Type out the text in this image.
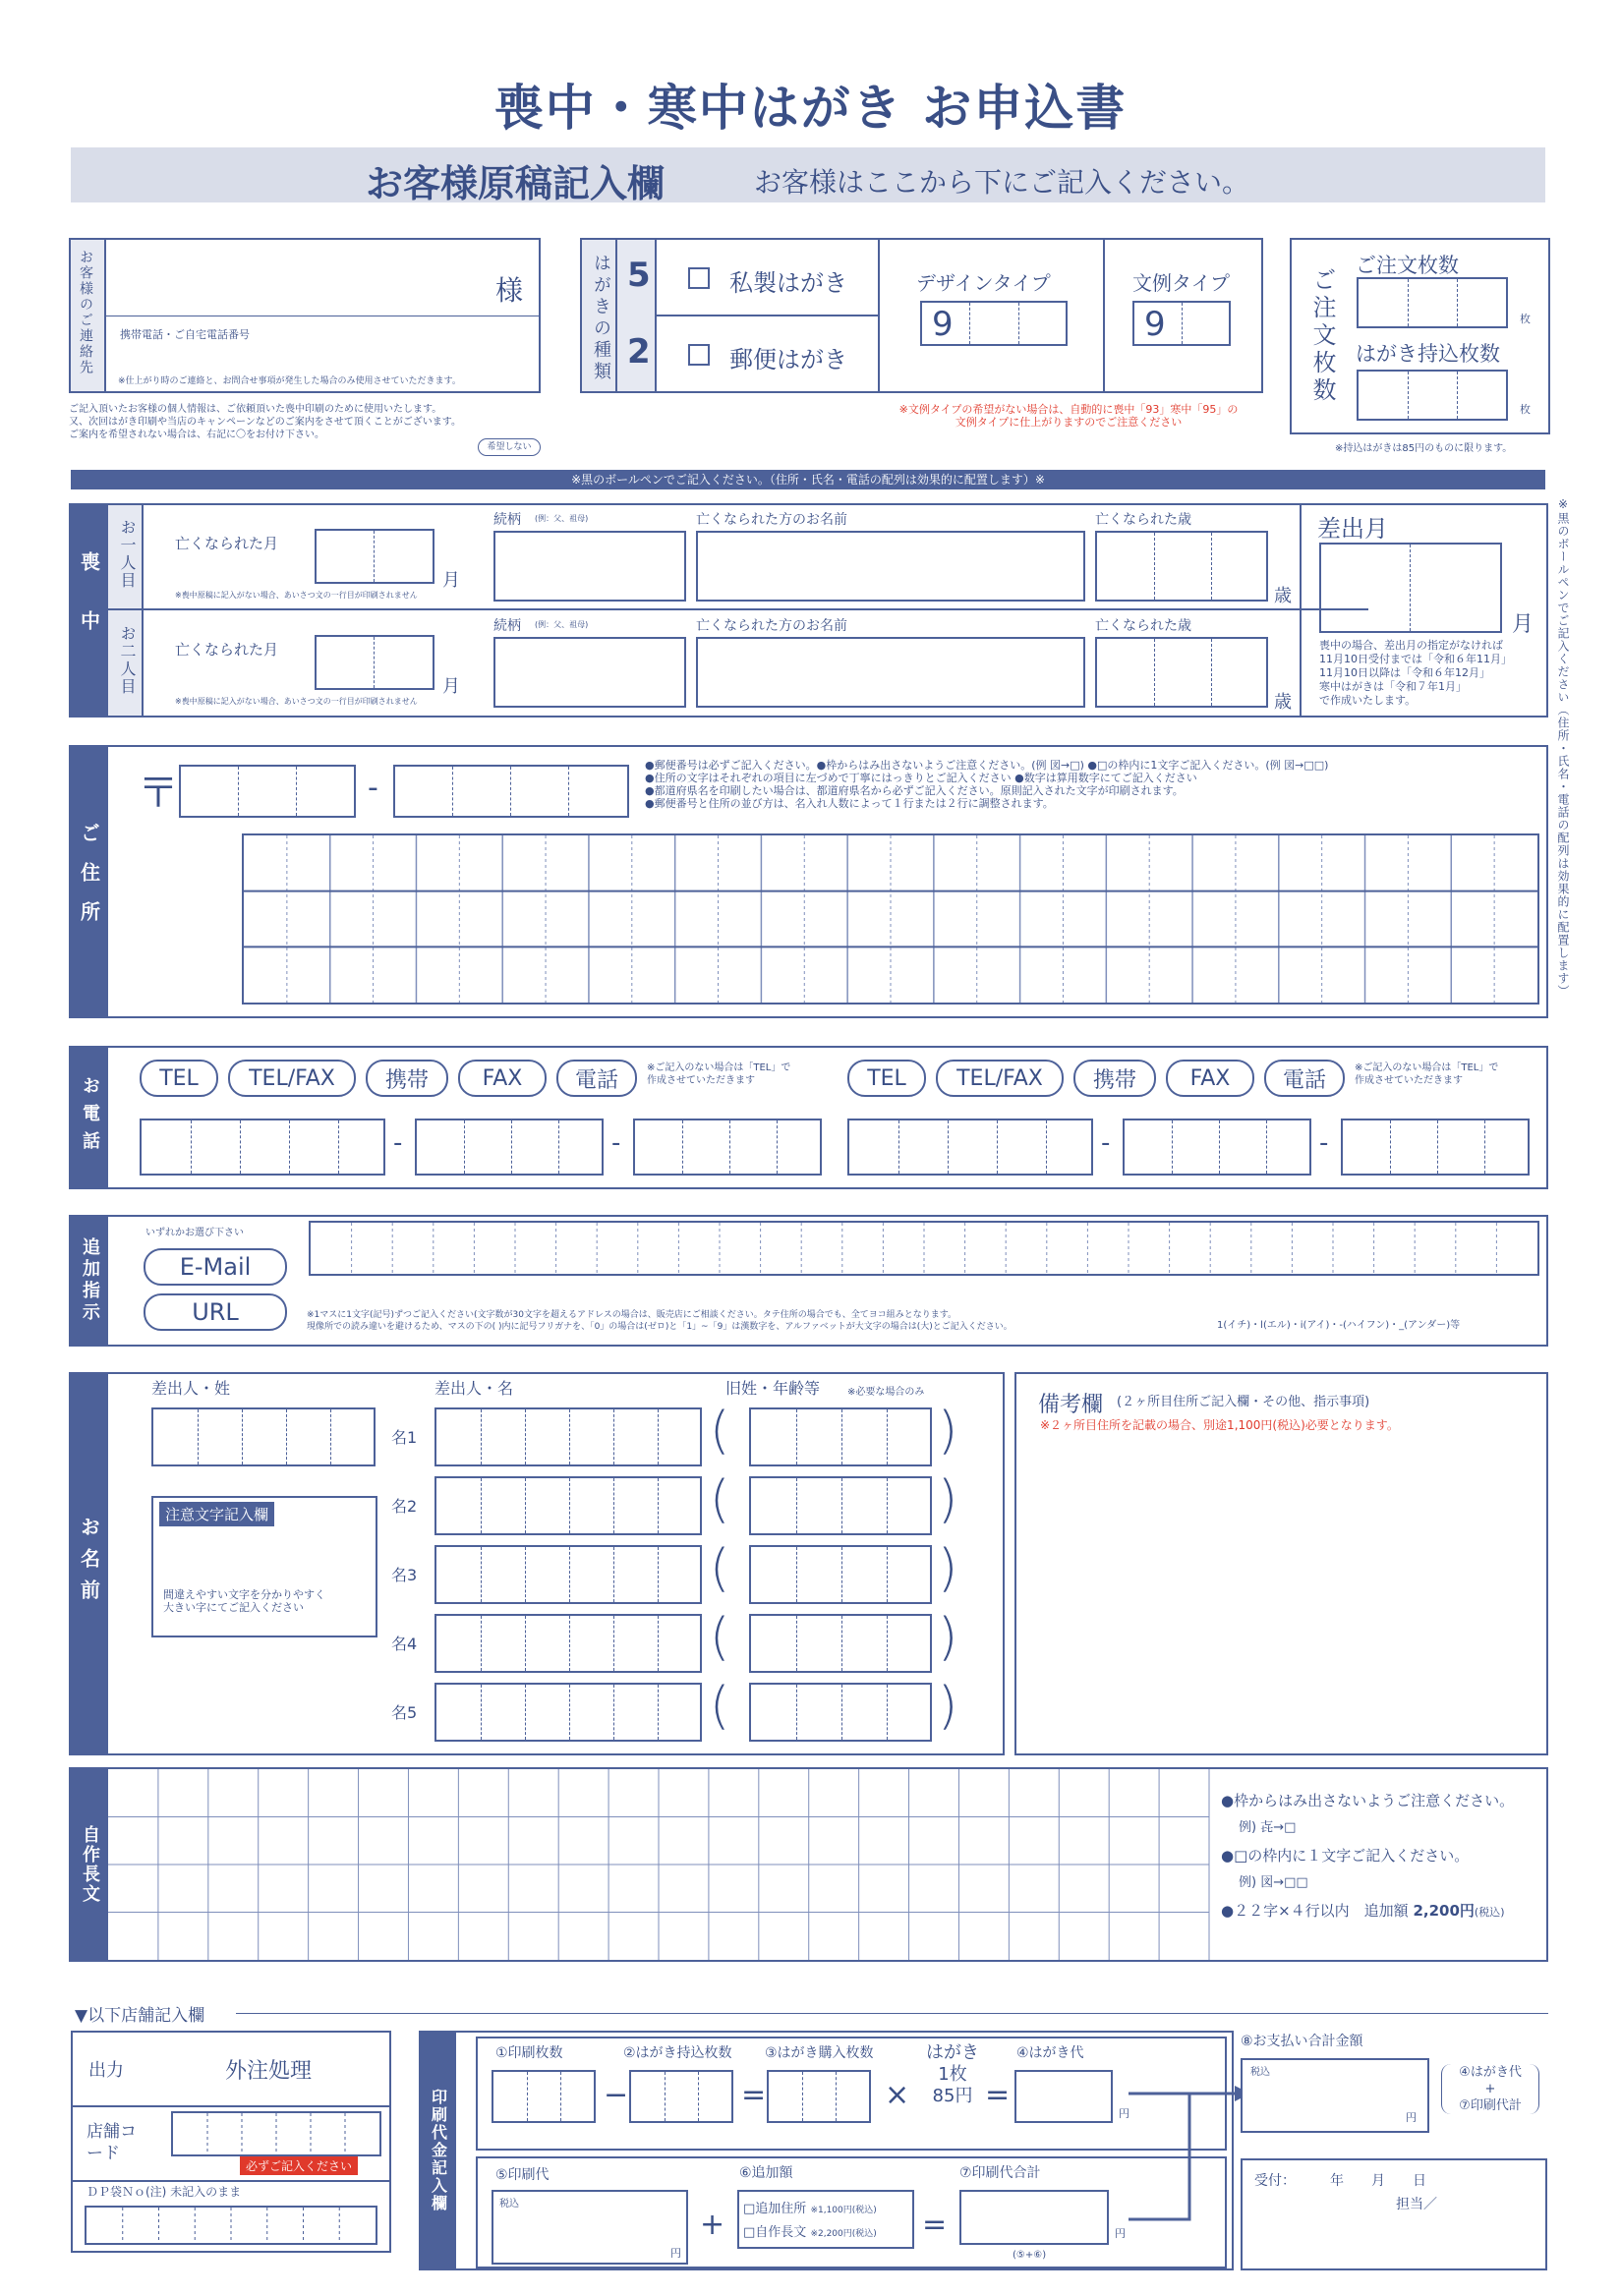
喪中・寒中はがき お申込書
お客様原稿記入欄	お客様はここから下にご記入ください。
お客様のご連絡先	様
携帯電話・ご自宅電話番号
※仕上がり時のご連絡と、お問合せ事項が発生した場合のみ使用させていただきます。
ご記入頂いたお客様の個人情報は、ご依頼頂いた喪中印刷のために使用いたします。
又、次回はがき印刷や当店のキャンペーンなどのご案内をさせて頂くことがございます。
ご案内を希望されない場合は、右記に〇をお付け下さい。
希望しない
はがきの種類 5
2
私製はがき
郵便はがき
デザインタイプ
9
文例タイプ
9
※文例タイプの希望がない場合は、自動的に喪中「93」寒中「95」の
文例タイプに仕上がりますのでご注意ください
ご注文枚数
ご注文枚数
枚
はがき持込枚数
枚
※持込はがきは85円のものに限ります。
※黒のボールペンでご記入ください。（住所・氏名・電話の配列は効果的に配置します）※
※黒のボールペンでご記入ください（住所・氏名・電話の配列は効果的に配置します）
喪中	お一人目
お二人目
差出月
月
喪中の場合、差出月の指定がなければ
11月10日受付までは「令和６年11月」
11月10日以降は「令和６年12月」
寒中はがきは「令和７年1月」
で作成いたします。
亡くなられた月
月
※喪中原稿に記入がない場合、あいさつ文の一行目が印刷されません
続柄 (例：父、祖母)	亡くなられた方のお名前	亡くなられた歳
歳
亡くなられた月
月
※喪中原稿に記入がない場合、あいさつ文の一行目が印刷されません
続柄 (例：父、祖母)	亡くなられた方のお名前	亡くなられた歳
歳
ご住所
〒	-
●郵便番号は必ずご記入ください。●枠からはみ出さないようご注意ください。(例 図→□) ●□の枠内に1文字ご記入ください。(例 図→□□)
●住所の文字はそれぞれの項目に左づめで丁寧にはっきりとご記入ください ●数字は算用数字にてご記入ください
●都道府県名を印刷したい場合は、都道府県名から必ずご記入ください。原則記入された文字が印刷されます。
●郵便番号と住所の並び方は、名入れ人数によって１行または２行に調整されます。
お電話	TEL	TEL/FAX	携帯	FAX	電話	※ご記入のない場合は「TEL」で
作成させていただきます
-	-
TEL	TEL/FAX	携帯	FAX	電話	※ご記入のない場合は「TEL」で
作成させていただきます
-	-
追加指示
いずれかお選び下さい
E-Mail
URL	※1マスに1文字(記号)ずつご記入ください(文字数が30文字を超えるアドレスの場合は、販売店にご相談ください。タテ住所の場合でも、全てヨコ組みとなります。
現像所での読み違いを避けるため、マスの下の( )内に記号フリガナを、「0」の場合は(ゼロ)と「1」~「9」は漢数字を、アルファベットが大文字の場合は(大)とご記入ください。	1(イチ)・l(エル)・i(アイ)・-(ハイフン)・_(アンダー)等
お名前
差出人・姓
注意文字記入欄
間違えやすい文字を分かりやすく
大きい字にてご記入ください
差出人・名	旧姓・年齢等	※必要な場合のみ
名1	(	)
名2	(	)
名3	(	)
名4	(	)
名5	(	)
備考欄 (２ヶ所目住所ご記入欄・その他、指示事項)
※２ヶ所目住所を記載の場合、別途1,100円(税込)必要となります。
自作長文
●枠からはみ出さないようご注意ください。
例) 㐂→□
●□の枠内に１文字ご記入ください。
例) 図→□□
●２２字×４行以内　追加額 2,200円(税込)
▼以下店舗記入欄
出力	外注処理
店舗コード
必ずご記入ください
ＤＰ袋Ｎｏ(注) 未記入のまま	印刷代金記入欄
①印刷枚数
−
②はがき持込枚数
=
③はがき購入枚数
×
はがき
1枚
85円 =
④はがき代
円
⑤印刷代
税込
円
+
⑥追加額
□追加住所 ※1,100円(税込)
□自作長文 ※2,200円(税込) =
⑦印刷代合計
円
(⑤+⑥)
⑧お支払い合計金額
税込
円
④はがき代
+
⑦印刷代計
受付：　　　年　　月　　日
担当／
